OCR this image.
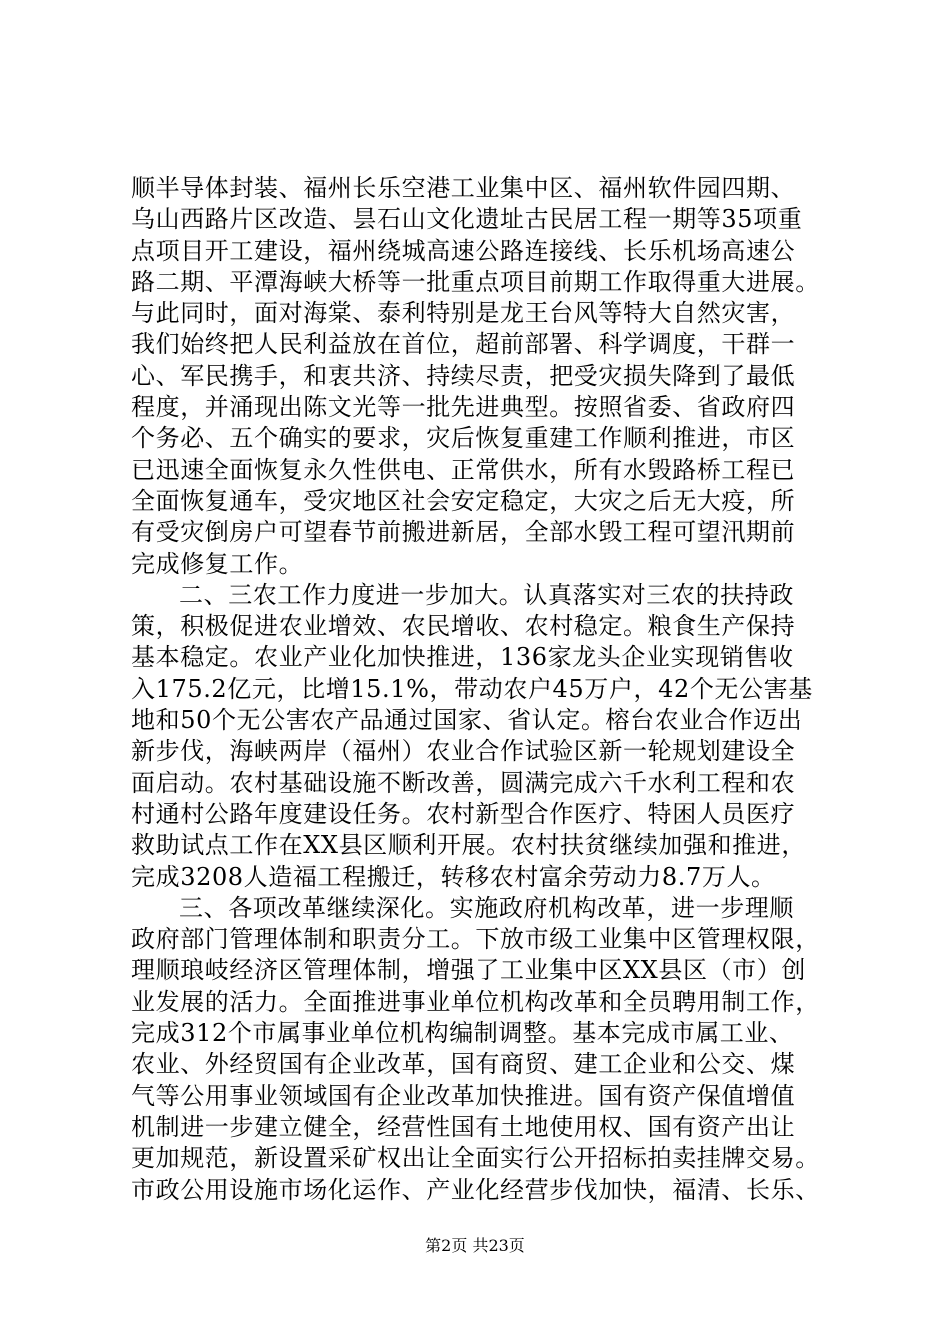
顺半导体封装、福州长乐空港工业集中区、福州软件园四期、
乌山西路片区改造、昙石山文化遗址古民居工程一期等35项重
点项目开工建设，福州绕城高速公路连接线、长乐机场高速公
路二期、平潭海峡大桥等一批重点项目前期工作取得重大进展。
与此同时，面对海棠、泰利特别是龙王台风等特大自然灾害，
我们始终把人民利益放在首位，超前部署、科学调度，干群一
心、军民携手，和衷共济、持续尽责，把受灾损失降到了最低
程度，并涌现出陈文光等一批先进典型。按照省委、省政府四
个务必、五个确实的要求，灾后恢复重建工作顺利推进，市区
已迅速全面恢复永久性供电、正常供水，所有水毁路桥工程已
全面恢复通车，受灾地区社会安定稳定，大灾之后无大疫，所
有受灾倒房户可望春节前搬进新居，全部水毁工程可望汛期前
完成修复工作。
二、三农工作力度进一步加大。认真落实对三农的扶持政
策，积极促进农业增效、农民增收、农村稳定。粮食生产保持
基本稳定。农业产业化加快推进，136家龙头企业实现销售收
入175.2亿元，比增15.1%，带动农户45万户，42个无公害基
地和50个无公害农产品通过国家、省认定。榕台农业合作迈出
新步伐，海峡两岸（福州）农业合作试验区新一轮规划建设全
面启动。农村基础设施不断改善，圆满完成六千水利工程和农
村通村公路年度建设任务。农村新型合作医疗、特困人员医疗
救助试点工作在XX县区顺利开展。农村扶贫继续加强和推进，
完成3208人造福工程搬迁，转移农村富余劳动力8.7万人。
三、各项改革继续深化。实施政府机构改革，进一步理顺
政府部门管理体制和职责分工。下放市级工业集中区管理权限，
理顺琅岐经济区管理体制，增强了工业集中区XX县区（市）创
业发展的活力。全面推进事业单位机构改革和全员聘用制工作，
完成312个市属事业单位机构编制调整。基本完成市属工业、
农业、外经贸国有企业改革，国有商贸、建工企业和公交、煤
气等公用事业领域国有企业改革加快推进。国有资产保值增值
机制进一步建立健全，经营性国有土地使用权、国有资产出让
更加规范，新设置采矿权出让全面实行公开招标拍卖挂牌交易。
市政公用设施市场化运作、产业化经营步伐加快，福清、长乐、
第2页 共23页
